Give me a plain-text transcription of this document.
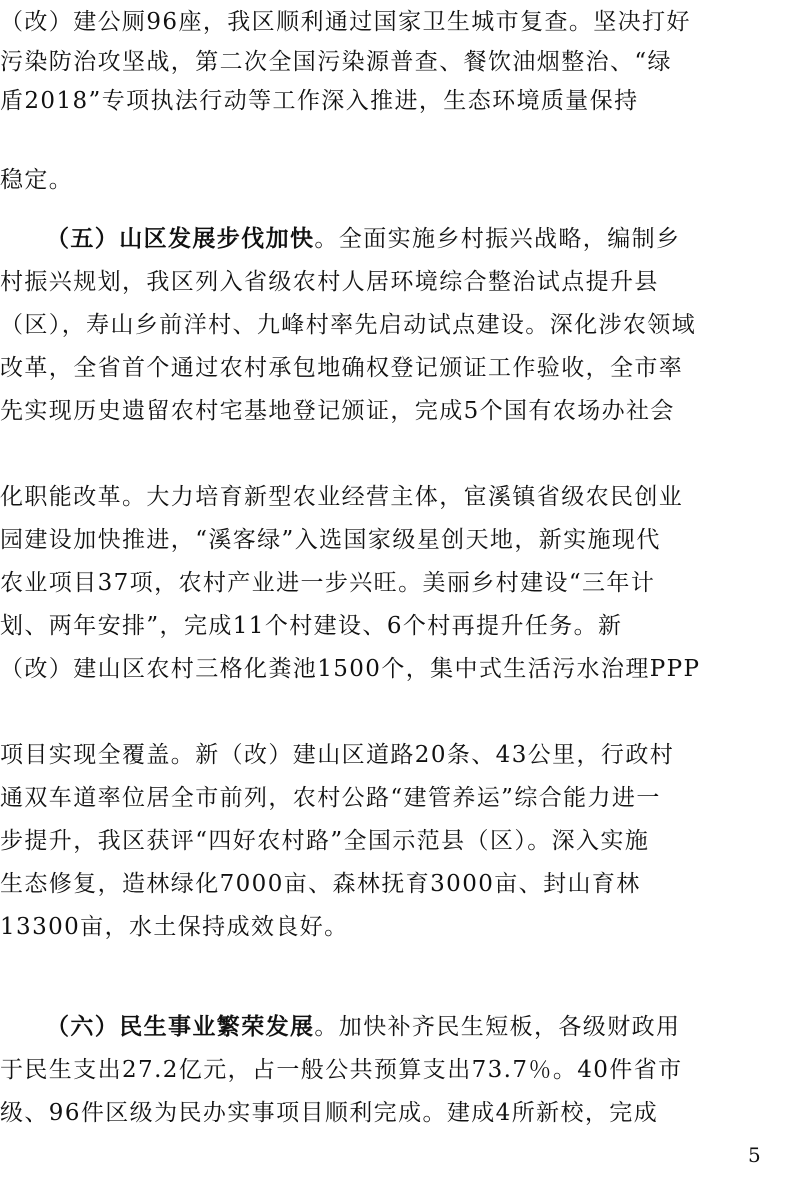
（改）建公厕96座，我区顺利通过国家卫生城市复查。坚决打好
污染防治攻坚战，第二次全国污染源普查、餐饮油烟整治、“绿
盾2018”专项执法行动等工作深入推进，生态环境质量保持
稳定。
（五）山区发展步伐加快。全面实施乡村振兴战略，编制乡
村振兴规划，我区列入省级农村人居环境综合整治试点提升县
（区），寿山乡前洋村、九峰村率先启动试点建设。深化涉农领域
改革，全省首个通过农村承包地确权登记颁证工作验收，全市率
先实现历史遗留农村宅基地登记颁证，完成5个国有农场办社会
化职能改革。大力培育新型农业经营主体，宦溪镇省级农民创业
园建设加快推进，“溪客绿”入选国家级星创天地，新实施现代
农业项目37项，农村产业进一步兴旺。美丽乡村建设“三年计
划、两年安排”，完成11个村建设、6个村再提升任务。新
（改）建山区农村三格化粪池1500个，集中式生活污水治理PPP
项目实现全覆盖。新（改）建山区道路20条、43公里，行政村
通双车道率位居全市前列，农村公路“建管养运”综合能力进一
步提升，我区获评“四好农村路”全国示范县（区）。深入实施
生态修复，造林绿化7000亩、森林抚育3000亩、封山育林
13300亩，水土保持成效良好。
（六）民生事业繁荣发展。加快补齐民生短板，各级财政用
于民生支出27.2亿元，占一般公共预算支出73.7％。40件省市
级、96件区级为民办实事项目顺利完成。建成4所新校，完成
5
